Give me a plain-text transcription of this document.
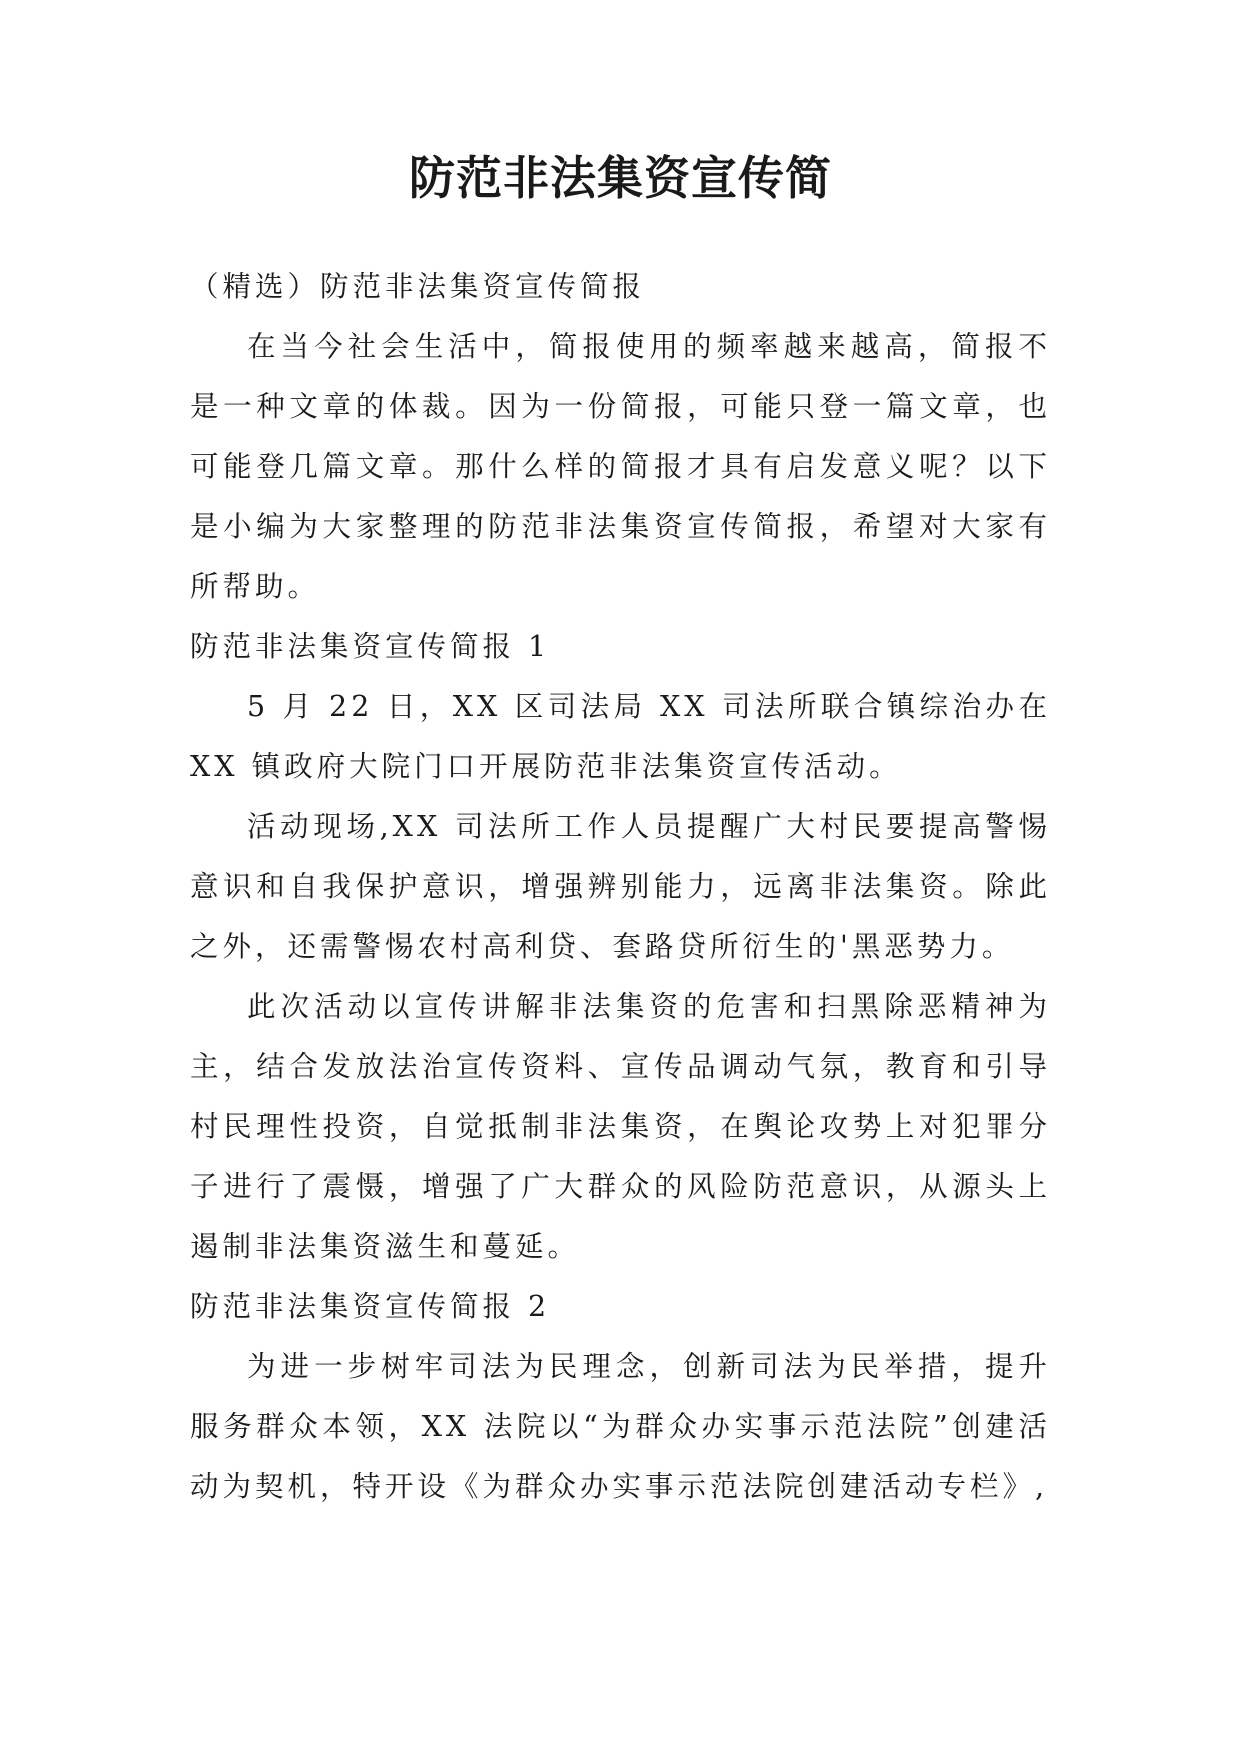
防范非法集资宣传简

（精选）防范非法集资宣传简报

在当今社会生活中，简报使用的频率越来越高，简报不是一种文章的体裁。因为一份简报，可能只登一篇文章，也可能登几篇文章。那什么样的简报才具有启发意义呢？以下是小编为大家整理的防范非法集资宣传简报，希望对大家有所帮助。

防范非法集资宣传简报 1

5 月 22 日，XX 区司法局 XX 司法所联合镇综治办在 XX 镇政府大院门口开展防范非法集资宣传活动。

活动现场,XX 司法所工作人员提醒广大村民要提高警惕意识和自我保护意识，增强辨别能力，远离非法集资。除此之外，还需警惕农村高利贷、套路贷所衍生的'黑恶势力。

此次活动以宣传讲解非法集资的危害和扫黑除恶精神为主，结合发放法治宣传资料、宣传品调动气氛，教育和引导村民理性投资，自觉抵制非法集资，在舆论攻势上对犯罪分子进行了震慑，增强了广大群众的风险防范意识，从源头上遏制非法集资滋生和蔓延。

防范非法集资宣传简报 2

为进一步树牢司法为民理念，创新司法为民举措，提升服务群众本领，XX 法院以“为群众办实事示范法院”创建活动为契机，特开设《为群众办实事示范法院创建活动专栏》,
